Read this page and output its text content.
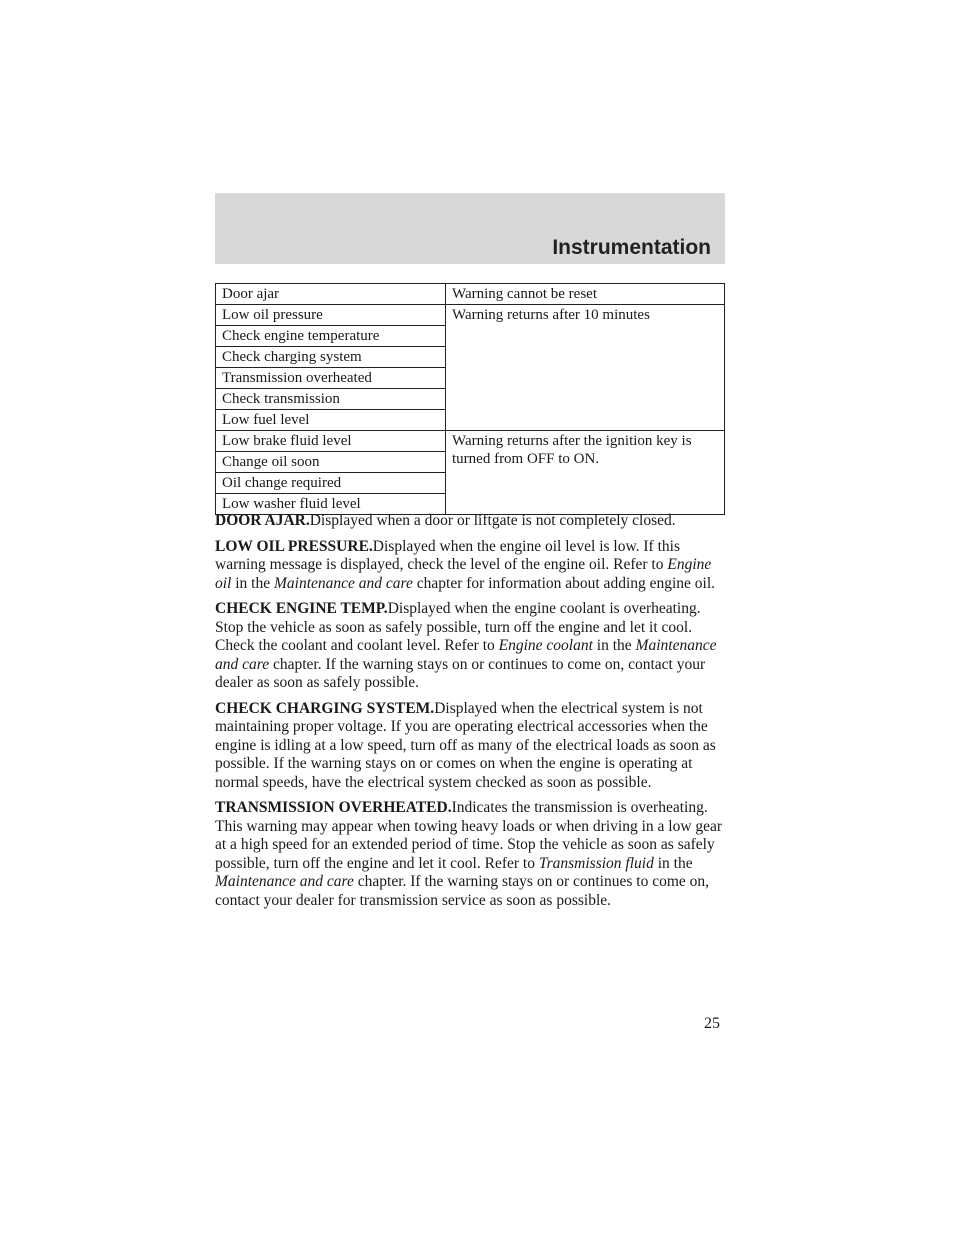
Instrumentation
Door ajar	Warning cannot be reset
Low oil pressure	Warning returns after 10 minutes
Check engine temperature	
Check charging system	
Transmission overheated	
Check transmission	
Low fuel level	
Low brake fluid level	Warning returns after the ignition key is turned from OFF to ON.
Change oil soon	
Oil change required	
Low washer fluid level	

DOOR AJAR.Displayed when a door or liftgate is not completely closed.

LOW OIL PRESSURE.Displayed when the engine oil level is low. If this warning message is displayed, check the level of the engine oil. Refer to Engine oil in the Maintenance and care chapter for information about adding engine oil.

CHECK ENGINE TEMP.Displayed when the engine coolant is overheating. Stop the vehicle as soon as safely possible, turn off the engine and let it cool. Check the coolant and coolant level. Refer to Engine coolant in the Maintenance and care chapter. If the warning stays on or continues to come on, contact your dealer as soon as safely possible.

CHECK CHARGING SYSTEM.Displayed when the electrical system is not maintaining proper voltage. If you are operating electrical accessories when the engine is idling at a low speed, turn off as many of the electrical loads as soon as possible. If the warning stays on or comes on when the engine is operating at normal speeds, have the electrical system checked as soon as possible.

TRANSMISSION OVERHEATED.Indicates the transmission is overheating. This warning may appear when towing heavy loads or when driving in a low gear at a high speed for an extended period of time. Stop the vehicle as soon as safely possible, turn off the engine and let it cool. Refer to Transmission fluid in the Maintenance and care chapter. If the warning stays on or continues to come on, contact your dealer for transmission service as soon as possible.

25
